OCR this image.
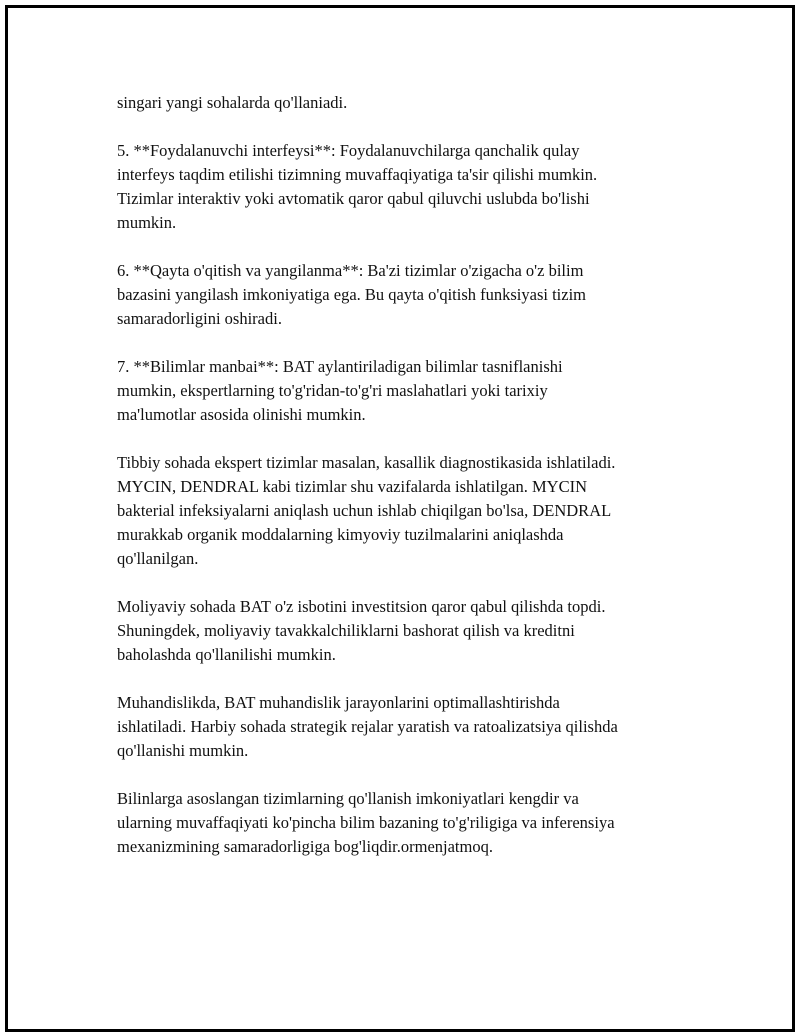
singari yangi sohalarda qo'llaniadi.

5. **Foydalanuvchi interfeysi**: Foydalanuvchilarga qanchalik qulay
interfeys taqdim etilishi tizimning muvaffaqiyatiga ta'sir qilishi mumkin.
Tizimlar interaktiv yoki avtomatik qaror qabul qiluvchi uslubda bo'lishi
mumkin.

6. **Qayta o'qitish va yangilanma**: Ba'zi tizimlar o'zigacha o'z bilim
bazasini yangilash imkoniyatiga ega. Bu qayta o'qitish funksiyasi tizim
samaradorligini oshiradi.

7. **Bilimlar manbai**: BAT aylantiriladigan bilimlar tasniflanishi
mumkin, ekspertlarning to'g'ridan-to'g'ri maslahatlari yoki tarixiy
ma'lumotlar asosida olinishi mumkin.

Tibbiy sohada ekspert tizimlar masalan, kasallik diagnostikasida ishlatiladi.
MYCIN, DENDRAL kabi tizimlar shu vazifalarda ishlatilgan. MYCIN
bakterial infeksiyalarni aniqlash uchun ishlab chiqilgan bo'lsa, DENDRAL
murakkab organik moddalarning kimyoviy tuzilmalarini aniqlashda
qo'llanilgan.

Moliyaviy sohada BAT o'z isbotini investitsion qaror qabul qilishda topdi.
Shuningdek, moliyaviy tavakkalchiliklarni bashorat qilish va kreditni
baholashda qo'llanilishi mumkin.

Muhandislikda, BAT muhandislik jarayonlarini optimallashtirishda
ishlatiladi. Harbiy sohada strategik rejalar yaratish va ratoalizatsiya qilishda
qo'llanishi mumkin.

Bilinlarga asoslangan tizimlarning qo'llanish imkoniyatlari kengdir va
ularning muvaffaqiyati ko'pincha bilim bazaning to'g'riligiga va inferensiya
mexanizmining samaradorligiga bog'liqdir.ormenjatmoq.
